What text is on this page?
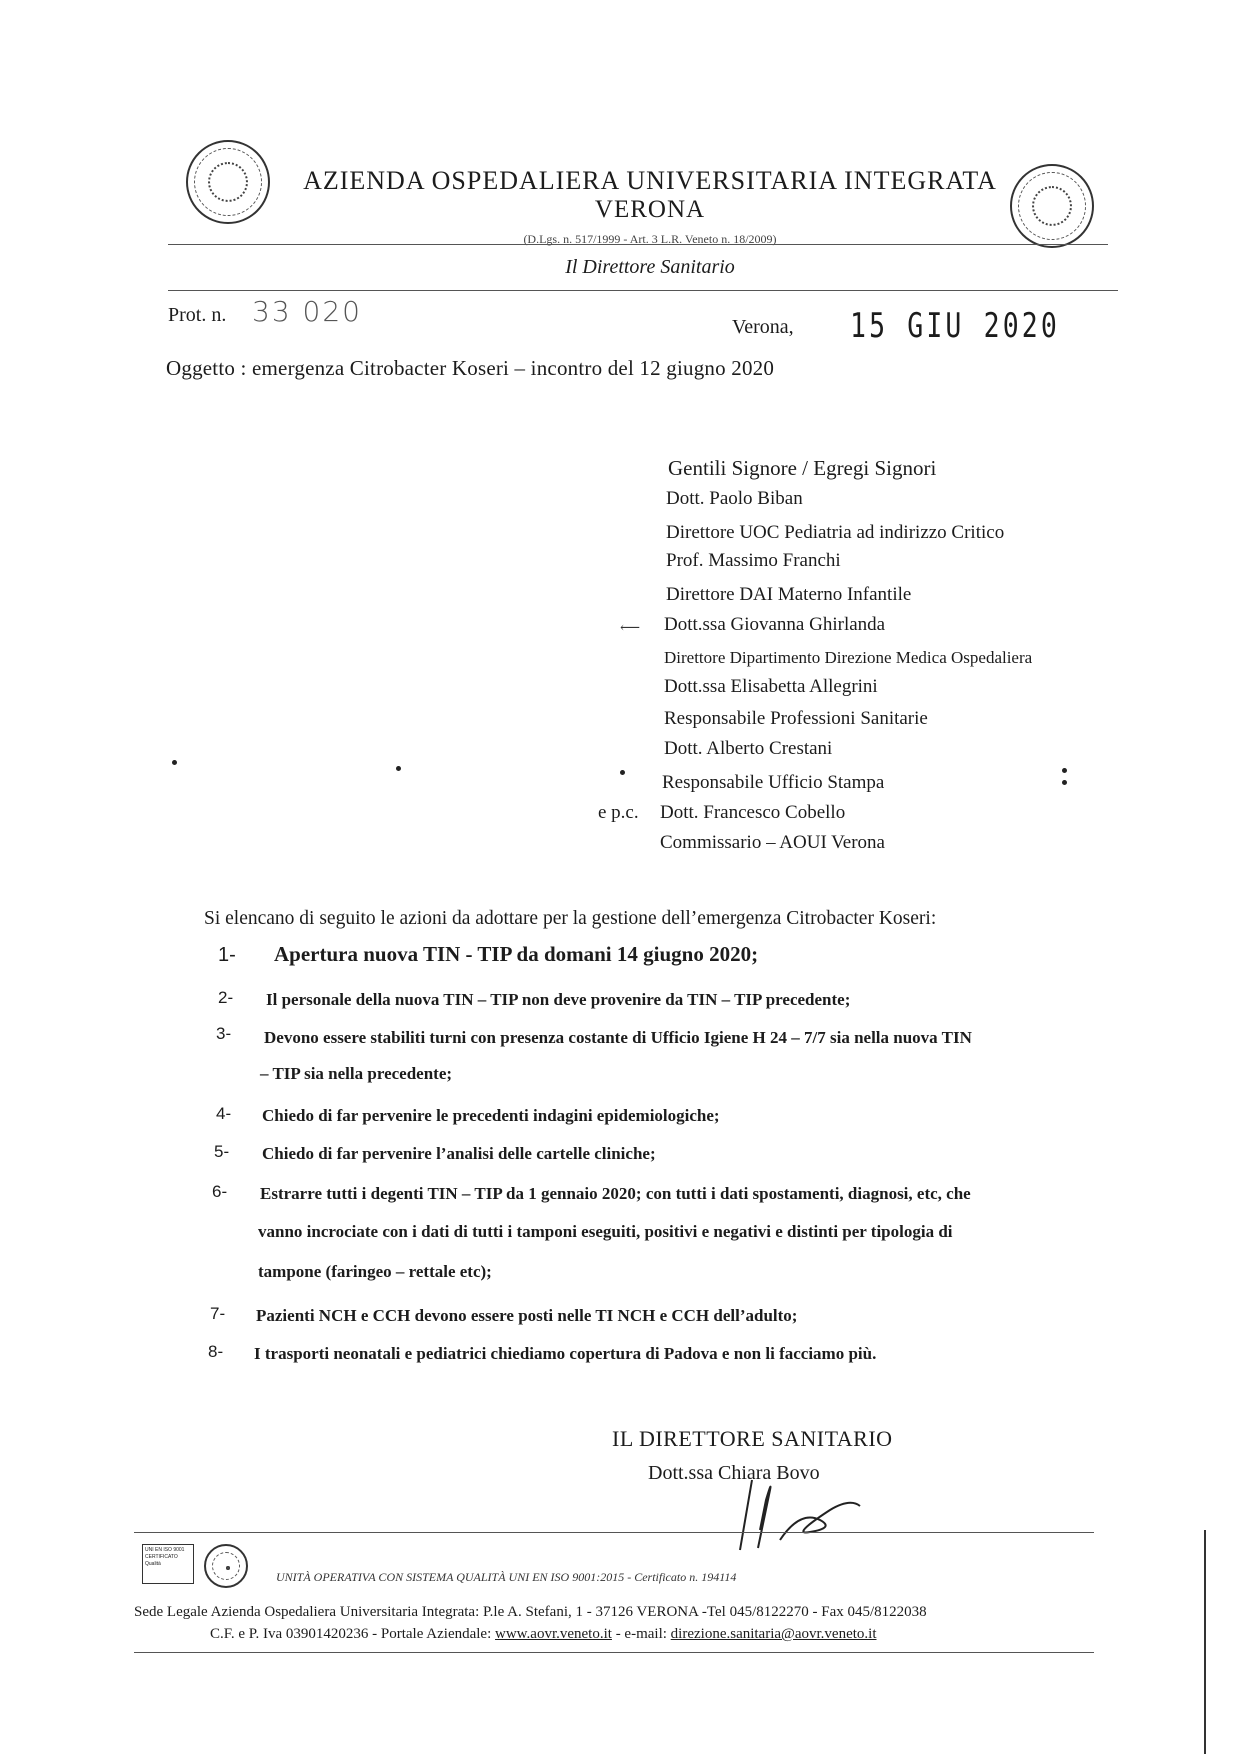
AZIENDA OSPEDALIERA UNIVERSITARIA INTEGRATA
VERONA
(D.Lgs. n. 517/1999 - Art. 3 L.R. Veneto n. 18/2009)
Il Direttore Sanitario
Prot. n. 33 020	Verona, 15 GIU 2020
Oggetto : emergenza Citrobacter Koseri – incontro del 12 giugno 2020
Gentili Signore / Egregi Signori
Dott. Paolo Biban
Direttore UOC Pediatria ad indirizzo Critico
Prof. Massimo Franchi
Direttore DAI Materno Infantile
⟵ Dott.ssa Giovanna Ghirlanda
Direttore Dipartimento Direzione Medica Ospedaliera
Dott.ssa Elisabetta Allegrini
Responsabile Professioni Sanitarie
Dott. Alberto Crestani
Responsabile Ufficio Stampa
e p.c. Dott. Francesco Cobello
Commissario – AOUI Verona
Si elencano di seguito le azioni da adottare per la gestione dell’emergenza Citrobacter Koseri:
1- Apertura nuova TIN - TIP da domani 14 giugno 2020;
2- Il personale della nuova TIN – TIP non deve provenire da TIN – TIP precedente;
3- Devono essere stabiliti turni con presenza costante di Ufficio Igiene H 24 – 7/7 sia nella nuova TIN
– TIP sia nella precedente;
4- Chiedo di far pervenire le precedenti indagini epidemiologiche;
5- Chiedo di far pervenire l’analisi delle cartelle cliniche;
6- Estrarre tutti i degenti TIN – TIP da 1 gennaio 2020; con tutti i dati spostamenti, diagnosi, etc, che
vanno incrociate con i dati di tutti i tamponi eseguiti, positivi e negativi e distinti per tipologia di
tampone (faringeo – rettale etc);
7- Pazienti NCH e CCH devono essere posti nelle TI NCH e CCH dell’adulto;
8- I trasporti neonatali e pediatrici chiediamo copertura di Padova e non li facciamo più.
IL DIRETTORE SANITARIO
Dott.ssa Chiara Bovo
UNI EN ISO 9001 CERTIFICATO Qualità
UNITÀ OPERATIVA CON SISTEMA QUALITÀ UNI EN ISO 9001:2015 - Certificato n. 194114
Sede Legale Azienda Ospedaliera Universitaria Integrata: P.le A. Stefani, 1 - 37126 VERONA -Tel 045/8122270 - Fax 045/8122038
C.F. e P. Iva 03901420236 - Portale Aziendale: www.aovr.veneto.it - e-mail: direzione.sanitaria@aovr.veneto.it
